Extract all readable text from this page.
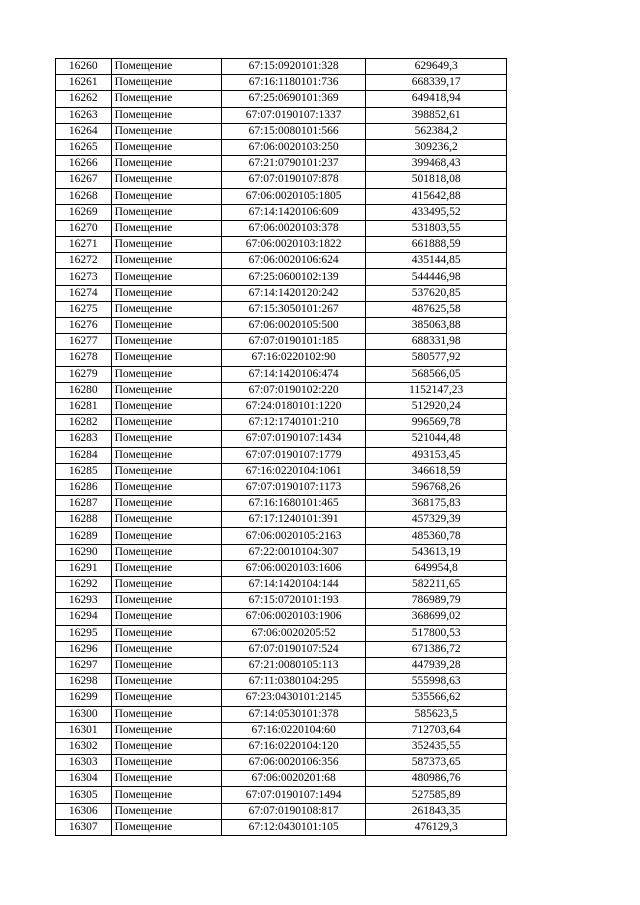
16260	Помещение	67:15:0920101:328	629649,3
16261	Помещение	67:16:1180101:736	668339,17
16262	Помещение	67:25:0690101:369	649418,94
16263	Помещение	67:07:0190107:1337	398852,61
16264	Помещение	67:15:0080101:566	562384,2
16265	Помещение	67:06:0020103:250	309236,2
16266	Помещение	67:21:0790101:237	399468,43
16267	Помещение	67:07:0190107:878	501818,08
16268	Помещение	67:06:0020105:1805	415642,88
16269	Помещение	67:14:1420106:609	433495,52
16270	Помещение	67:06:0020103:378	531803,55
16271	Помещение	67:06:0020103:1822	661888,59
16272	Помещение	67:06:0020106:624	435144,85
16273	Помещение	67:25:0600102:139	544446,98
16274	Помещение	67:14:1420120:242	537620,85
16275	Помещение	67:15:3050101:267	487625,58
16276	Помещение	67:06:0020105:500	385063,88
16277	Помещение	67:07:0190101:185	688331,98
16278	Помещение	67:16:0220102:90	580577,92
16279	Помещение	67:14:1420106:474	568566,05
16280	Помещение	67:07:0190102:220	1152147,23
16281	Помещение	67:24:0180101:1220	512920,24
16282	Помещение	67:12:1740101:210	996569,78
16283	Помещение	67:07:0190107:1434	521044,48
16284	Помещение	67:07:0190107:1779	493153,45
16285	Помещение	67:16:0220104:1061	346618,59
16286	Помещение	67:07:0190107:1173	596768,26
16287	Помещение	67:16:1680101:465	368175,83
16288	Помещение	67:17:1240101:391	457329,39
16289	Помещение	67:06:0020105:2163	485360,78
16290	Помещение	67:22:0010104:307	543613,19
16291	Помещение	67:06:0020103:1606	649954,8
16292	Помещение	67:14:1420104:144	582211,65
16293	Помещение	67:15:0720101:193	786989,79
16294	Помещение	67:06:0020103:1906	368699,02
16295	Помещение	67:06:0020205:52	517800,53
16296	Помещение	67:07:0190107:524	671386,72
16297	Помещение	67:21:0080105:113	447939,28
16298	Помещение	67:11:0380104:295	555998,63
16299	Помещение	67:23:0430101:2145	535566,62
16300	Помещение	67:14:0530101:378	585623,5
16301	Помещение	67:16:0220104:60	712703,64
16302	Помещение	67:16:0220104:120	352435,55
16303	Помещение	67:06:0020106:356	587373,65
16304	Помещение	67:06:0020201:68	480986,76
16305	Помещение	67:07:0190107:1494	527585,89
16306	Помещение	67:07:0190108:817	261843,35
16307	Помещение	67:12:0430101:105	476129,3
